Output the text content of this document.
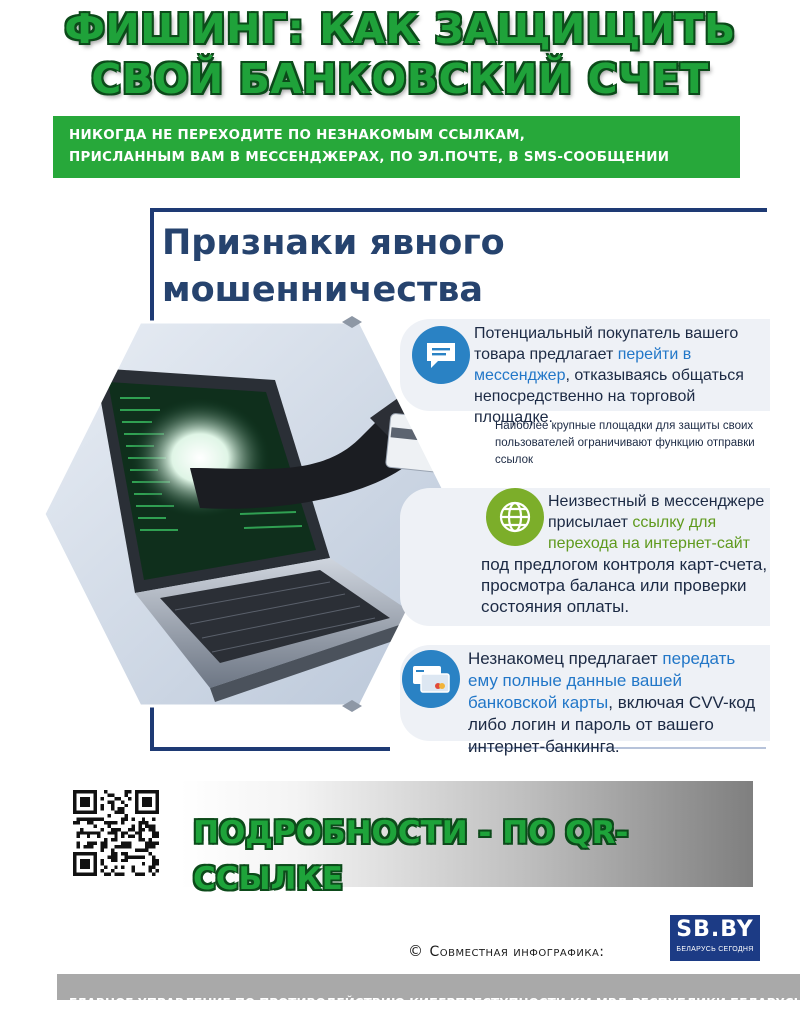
ФИШИНГ: КАК ЗАЩИЩИТЬ
СВОЙ БАНКОВСКИЙ СЧЕТ
НИКОГДА НЕ ПЕРЕХОДИТЕ ПО НЕЗНАКОМЫМ ССЫЛКАМ,
ПРИСЛАННЫМ ВАМ В МЕССЕНДЖЕРАХ, ПО ЭЛ.ПОЧТЕ, В SMS-СООБЩЕНИИ
Признаки явного
мошенничества
Потенциальный покупатель вашего товара предлагает перейти в мессенджер, отказываясь общаться непосредственно на торговой площадке.
Наиболее крупные площадки для защиты своих пользователей ограничивают функцию отправки ссылок
Неизвестный в мессенджере присылает ссылку для перехода на интернет-сайт
под предлогом контроля карт-счета, просмотра баланса или проверки состояния оплаты.
Незнакомец предлагает передать ему полные данные вашей банковской карты, включая CVV-код либо логин и пароль от вашего интернет-банкинга.
ПОДРОБНОСТИ - ПО QR-ССЫЛКЕ
© Совместная инфографика:
SB.BY
БЕЛАРУСЬ СЕГОДНЯ
ГЛАВНОЕ УПРАВЛЕНИЕ ПО ПРОТИВОДЕЙСТВИЮ КИБЕРПРЕСТУПНОСТИ КМ МВД РЕСПУБЛИКИ БЕЛАРУСЬ
